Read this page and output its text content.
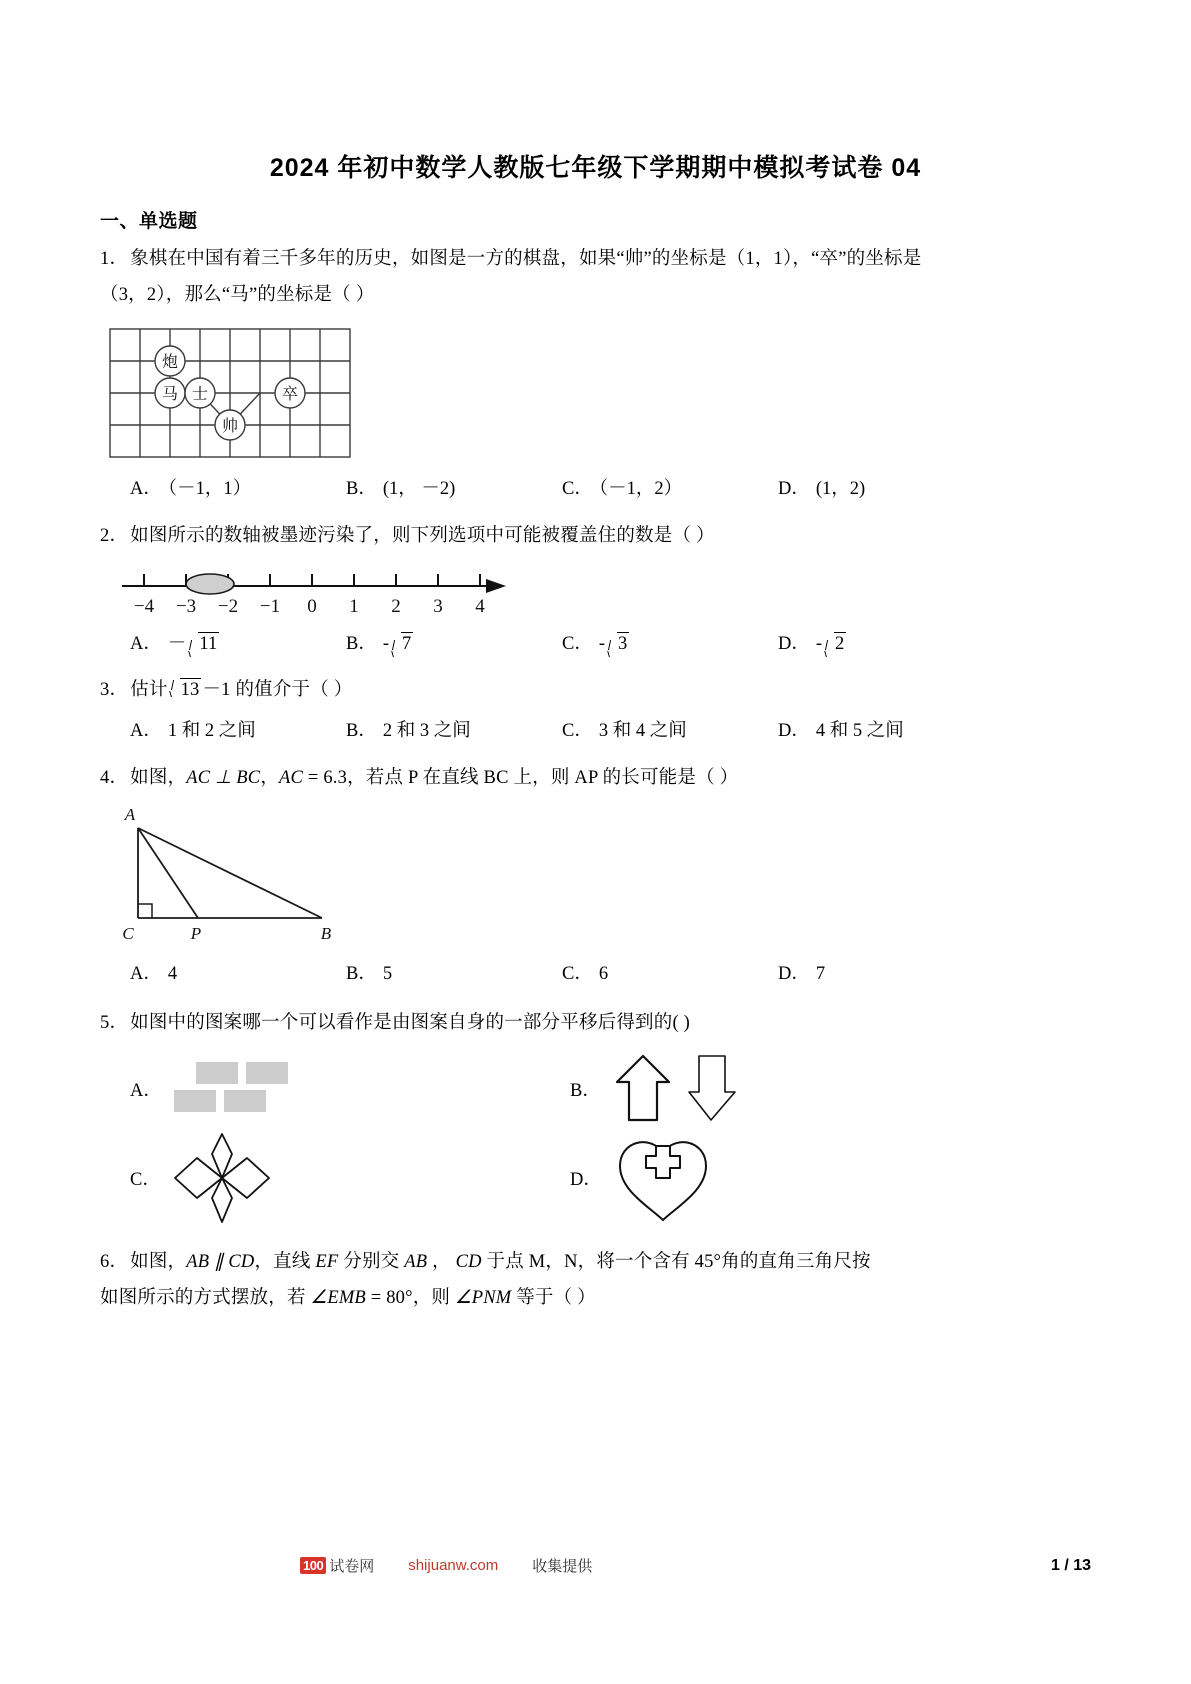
2024 年初中数学人教版七年级下学期期中模拟考试卷 04
一、单选题

1． 象棋在中国有着三千多年的历史，如图是一方的棋盘，如果“帅”的坐标是（1，1），“卒”的坐标是

（3，2），那么“马”的坐标是（ ）

炮
马 士	卒
帅
A． （－1，1）	B． (1， －2)	C． （－1，2）	D． (1，2)

2． 如图所示的数轴被墨迹污染了，则下列选项中可能被覆盖住的数是（ ）

−4 −3 −2 −1 0 1 2 3 4
A． － 11	B． - 7	C． - 3	D． - 2

3． 估计 13 －1 的值介于（ ）

A． 1 和 2 之间	B． 2 和 3 之间	C． 3 和 4 之间	D． 4 和 5 之间

4． 如图，AC ⊥ BC，AC = 6.3，若点 P 在直线 BC 上，则 AP 的长可能是（ ）

A
C	P	B
A． 4	B． 5	C． 6	D． 7

5． 如图中的图案哪一个可以看作是由图案自身的一部分平移后得到的( )

A．	B．
C．	D．

6． 如图，AB ∥ CD，直线 EF 分别交 AB ， CD 于点 M，N，将一个含有 45°角的直角三角尺按

如图所示的方式摆放，若 ∠EMB = 80°，则 ∠PNM 等于（ ）

100 试卷网 shijuanw.com 收集提供	1 / 13
